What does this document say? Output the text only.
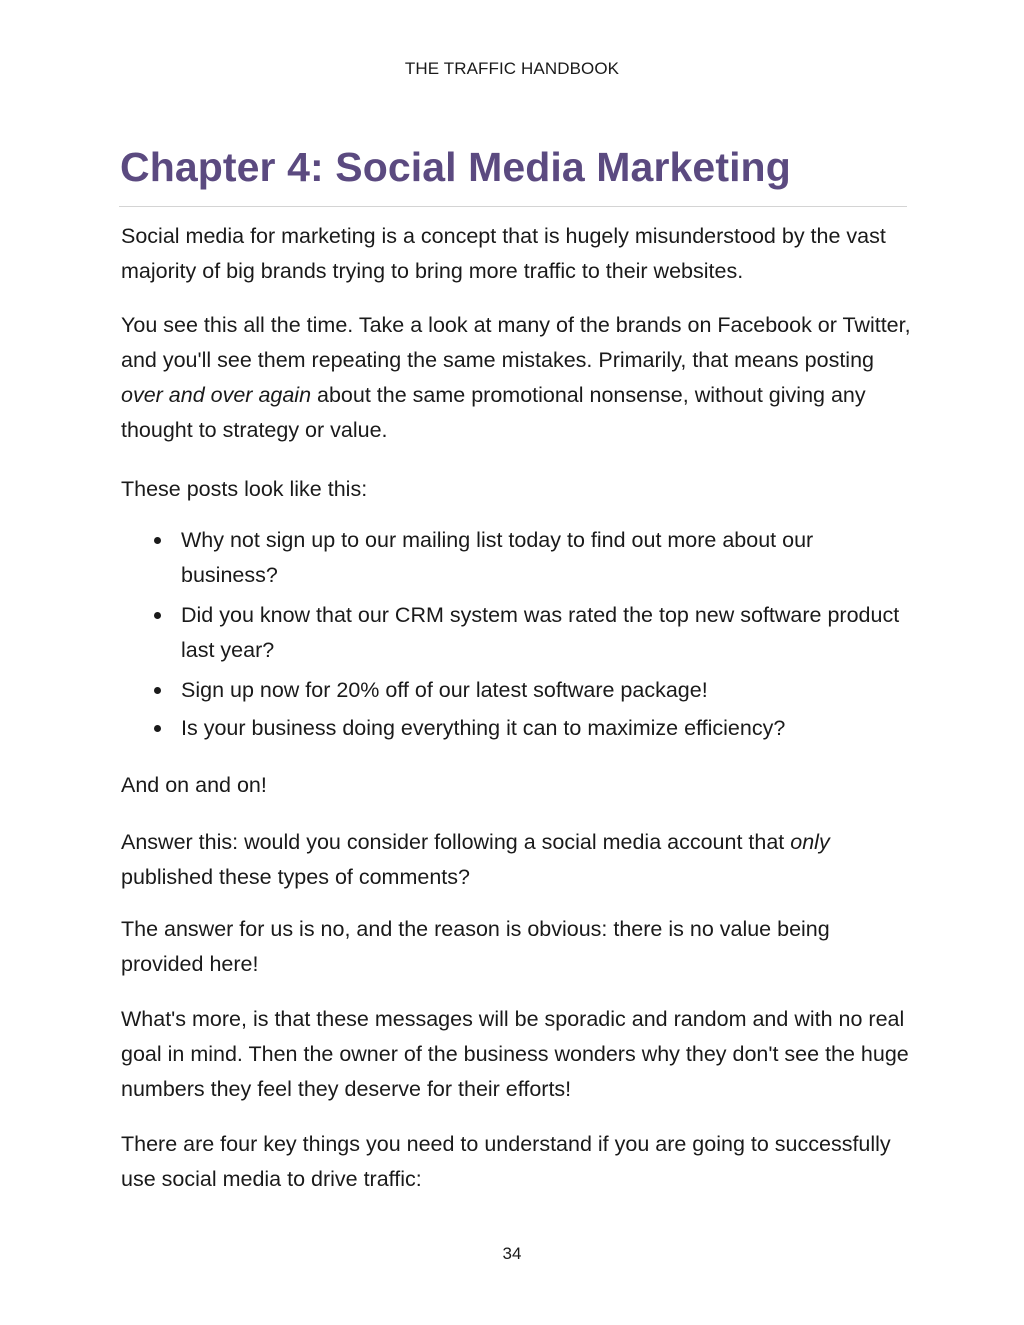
THE TRAFFIC HANDBOOK
Chapter 4: Social Media Marketing

Social media for marketing is a concept that is hugely misunderstood by the vast majority of big brands trying to bring more traffic to their websites.

You see this all the time. Take a look at many of the brands on Facebook or Twitter, and you'll see them repeating the same mistakes. Primarily, that means posting over and over again about the same promotional nonsense, without giving any thought to strategy or value.

These posts look like this:

Why not sign up to our mailing list today to find out more about our business?
Did you know that our CRM system was rated the top new software product last year?
Sign up now for 20% off of our latest software package!
Is your business doing everything it can to maximize efficiency?

And on and on!

Answer this: would you consider following a social media account that only published these types of comments?

The answer for us is no, and the reason is obvious: there is no value being provided here!

What's more, is that these messages will be sporadic and random and with no real goal in mind. Then the owner of the business wonders why they don't see the huge numbers they feel they deserve for their efforts!

There are four key things you need to understand if you are going to successfully use social media to drive traffic:

34
